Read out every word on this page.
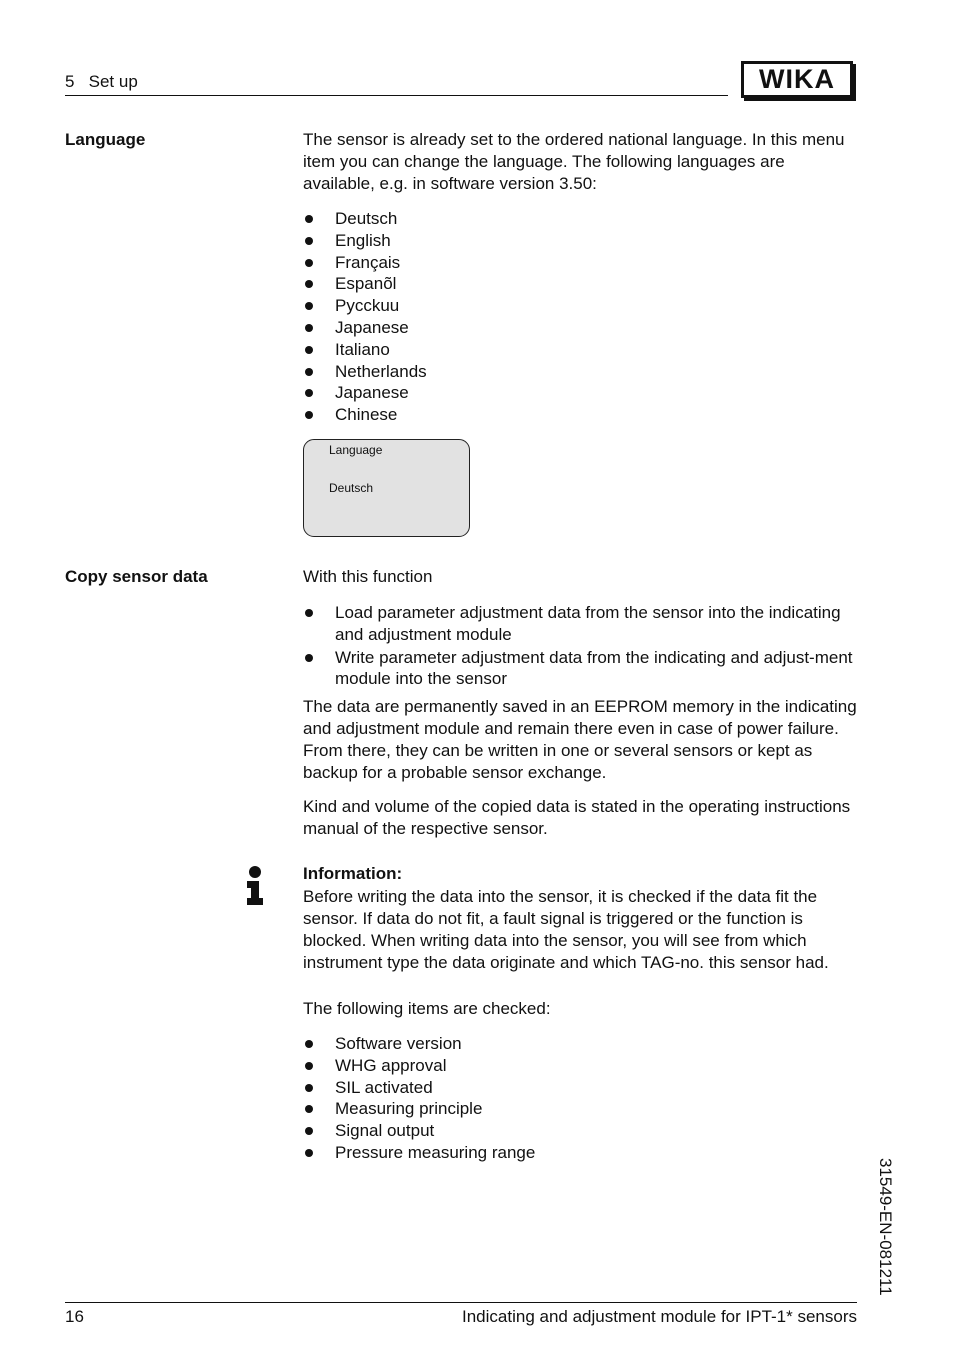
5   Set up	WIKA
Language	The sensor is already set to the ordered national language. In this menu item you can change the language. The following languages are available, e.g. in software version 3.50:

Deutsch
English
Français
Espanõl
Pycckuu
Japanese
Italiano
Netherlands
Japanese
Chinese
Language
Deutsch
Copy sensor data	With this function

Load parameter adjustment data from the sensor into the indicating and adjustment module
Write parameter adjustment data from the indicating and adjust-ment module into the sensor

The data are permanently saved in an EEPROM memory in the indicating and adjustment module and remain there even in case of power failure. From there, they can be written in one or several sensors or kept as backup for a probable sensor exchange.

Kind and volume of the copied data is stated in the operating instructions manual of the respective sensor.

Information:

Before writing the data into the sensor, it is checked if the data fit the sensor. If data do not fit, a fault signal is triggered or the function is blocked. When writing data into the sensor, you will see from which instrument type the data originate and which TAG-no. this sensor had.

The following items are checked:

Software version
WHG approval
SIL activated
Measuring principle
Signal output
Pressure measuring range
31549-EN-081211
16	Indicating and adjustment module for IPT-1* sensors
